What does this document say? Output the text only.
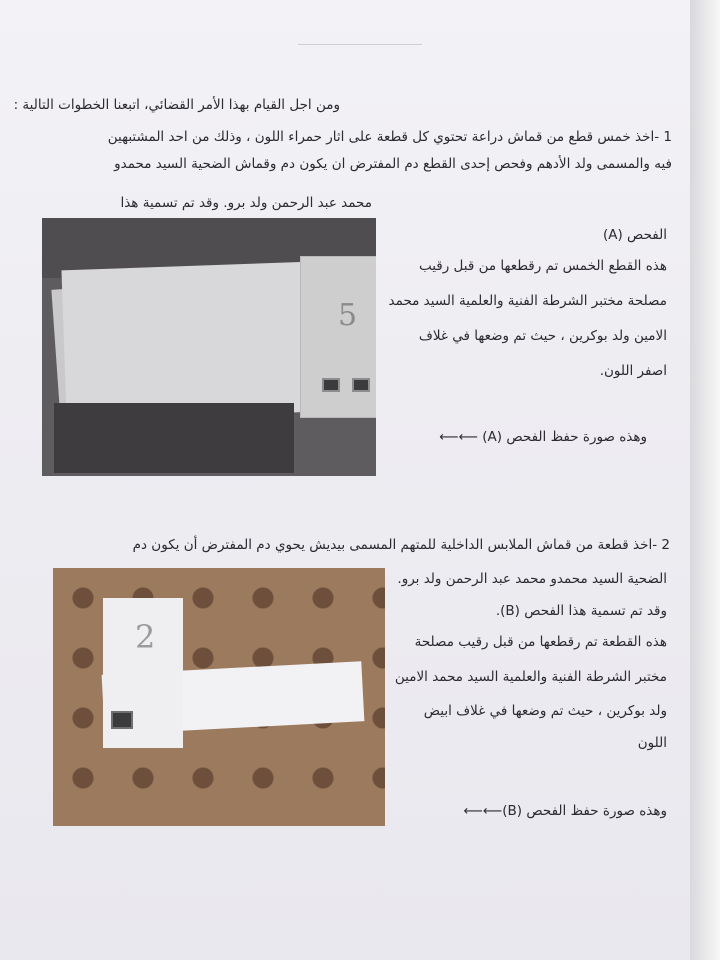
ومن اجل القيام بهذا الأمر القضائي، اتبعنا الخطوات التالية :
1 -اخذ خمس قطع من قماش دراعة تحتوي كل قطعة على اثار حمراء اللون ، وذلك من احد المشتبهين
فيه والمسمى ولد الأدهم وفحص إحدى القطع دم المفترض ان يكون دم وقماش الضحية السيد محمدو
محمد عبد الرحمن ولد برو. وقد تم تسمية هذا
الفحص (A)
هذه القطع الخمس تم رقطعها من قبل رقيب
مصلحة مختبر الشرطة الفنية والعلمية السيد محمد
الامين ولد بوكرين ، حيث تم وضعها في غلاف
اصفر اللون.
وهذه صورة حفظ الفحص (A) ⟵⟵
5
2 -اخذ قطعة من قماش الملابس الداخلية للمتهم المسمى بيديش يحوي دم المفترض أن يكون دم
الضحية السيد محمدو محمد عبد الرحمن ولد برو.
وقد تم تسمية هذا الفحص (B).
هذه القطعة تم رقطعها من قبل رقيب مصلحة
مختبر الشرطة الفنية والعلمية السيد محمد الامين
ولد بوكرين ، حيث تم وضعها في غلاف ابيض
اللون
وهذه صورة حفظ الفحص (B)⟵⟵
2
